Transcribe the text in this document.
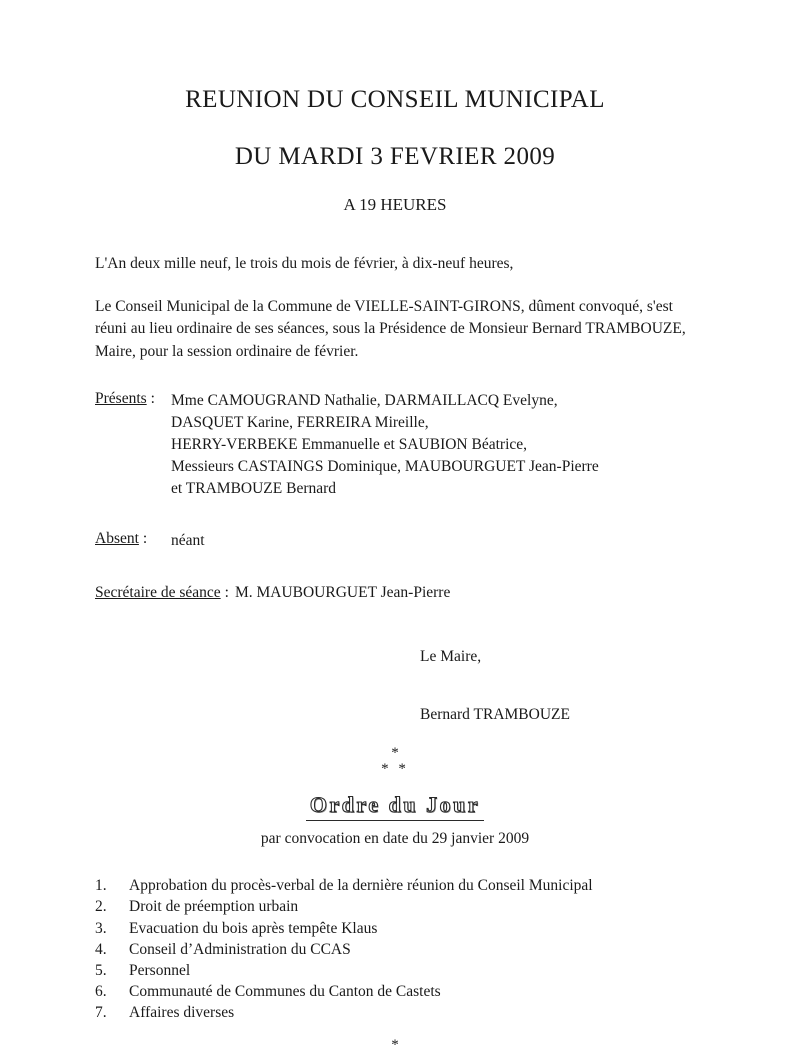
REUNION DU CONSEIL MUNICIPAL
DU MARDI 3 FEVRIER 2009
A 19 HEURES

L'An deux mille neuf, le trois du mois de février, à dix-neuf heures,

Le Conseil Municipal de la Commune de VIELLE-SAINT-GIRONS, dûment convoqué, s'est réuni au lieu ordinaire de ses séances, sous la Présidence de Monsieur Bernard TRAMBOUZE, Maire, pour la session ordinaire de février.

Présents :	Mme CAMOUGRAND Nathalie, DARMAILLACQ Evelyne,
DASQUET Karine, FERREIRA Mireille,
HERRY-VERBEKE Emmanuelle et SAUBION Béatrice,
Messieurs CASTAINGS Dominique, MAUBOURGUET Jean-Pierre
et TRAMBOUZE Bernard
Absent :	néant
Secrétaire de séance : M. MAUBOURGUET Jean-Pierre
Le Maire,
Bernard TRAMBOUZE
*
* *
Ordre du Jour
par convocation en date du 29 janvier 2009
1.	Approbation du procès-verbal de la dernière réunion du Conseil Municipal
2.	Droit de préemption urbain
3.	Evacuation du bois après tempête Klaus
4.	Conseil d’Administration du CCAS
5.	Personnel
6.	Communauté de Communes du Canton de Castets
7.	Affaires diverses
*
